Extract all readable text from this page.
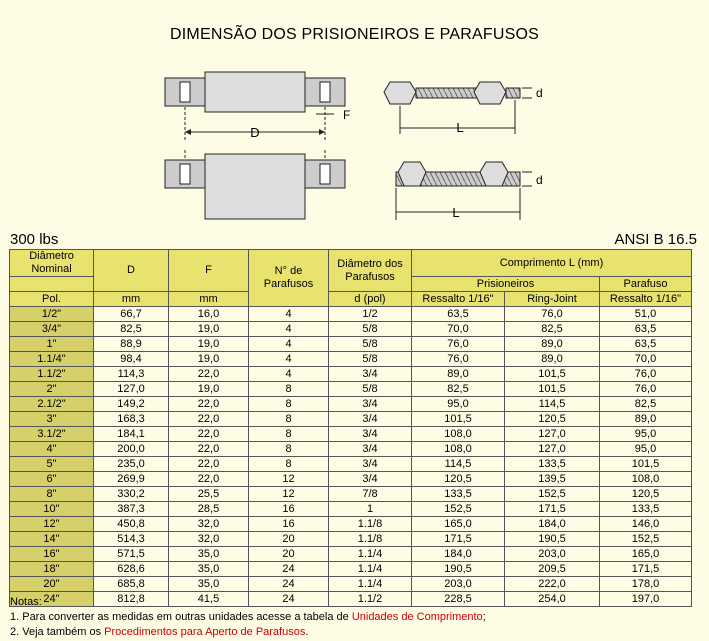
DIMENSÃO DOS PRISIONEIROS E PARAFUSOS
D
F
L
d
L
d
300 lbs	ANSI B 16.5
Diâmetro Nominal	D	F	N° de Parafusos	Diâmetro dos Parafusos	Comprimento L (mm)		
					Prisioneiros		Parafuso
Pol.	mm	mm		d (pol)	Ressalto 1/16"	Ring-Joint	Ressalto 1/16"
1/2"	66,7	16,0	4	1/2	63,5	76,0	51,0
3/4"	82,5	19,0	4	5/8	70,0	82,5	63,5
1"	88,9	19,0	4	5/8	76,0	89,0	63,5
1.1/4"	98,4	19,0	4	5/8	76,0	89,0	70,0
1.1/2"	114,3	22,0	4	3/4	89,0	101,5	76,0
2"	127,0	19,0	8	5/8	82,5	101,5	76,0
2.1/2"	149,2	22,0	8	3/4	95,0	114,5	82,5
3"	168,3	22,0	8	3/4	101,5	120,5	89,0
3.1/2"	184,1	22,0	8	3/4	108,0	127,0	95,0
4"	200,0	22,0	8	3/4	108,0	127,0	95,0
5"	235,0	22,0	8	3/4	114,5	133,5	101,5
6"	269,9	22,0	12	3/4	120,5	139,5	108,0
8"	330,2	25,5	12	7/8	133,5	152,5	120,5
10"	387,3	28,5	16	1	152,5	171,5	133,5
12"	450,8	32,0	16	1.1/8	165,0	184,0	146,0
14"	514,3	32,0	20	1.1/8	171,5	190,5	152,5
16"	571,5	35,0	20	1.1/4	184,0	203,0	165,0
18"	628,6	35,0	24	1.1/4	190,5	209,5	171,5
20"	685,8	35,0	24	1.1/4	203,0	222,0	178,0
24"	812,8	41,5	24	1.1/2	228,5	254,0	197,0
Notas:
1. Para converter as medidas em outras unidades acesse a tabela de Unidades de Comprimento;
2. Veja também os Procedimentos para Aperto de Parafusos.
